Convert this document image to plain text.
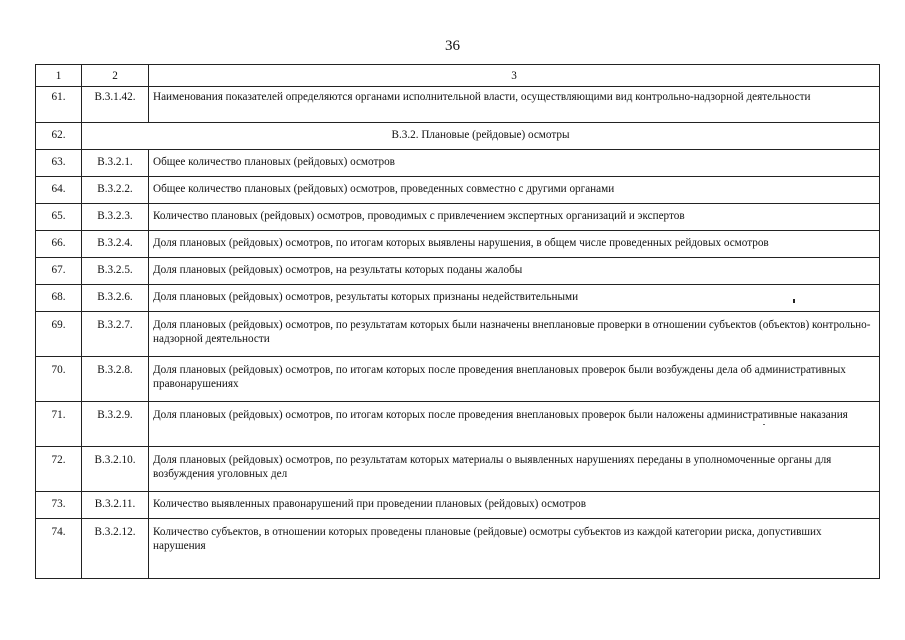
36
1	2	3
61.	В.3.1.42.	Наименования показателей определяются органами исполнительной власти, осуществляющими вид контрольно-надзорной деятельности
62.	В.3.2. Плановые (рейдовые) осмотры	
63.	В.3.2.1.	Общее количество плановых (рейдовых) осмотров
64.	В.3.2.2.	Общее количество плановых (рейдовых) осмотров, проведенных совместно с другими органами
65.	В.3.2.3.	Количество плановых (рейдовых) осмотров, проводимых с привлечением экспертных организаций и экспертов
66.	В.3.2.4.	Доля плановых (рейдовых) осмотров, по итогам которых выявлены нарушения, в общем числе проведенных рейдовых осмотров
67.	В.3.2.5.	Доля плановых (рейдовых) осмотров, на результаты которых поданы жалобы
68.	В.3.2.6.	Доля плановых (рейдовых) осмотров, результаты которых признаны недействительными
69.	В.3.2.7.	Доля плановых (рейдовых) осмотров, по результатам которых были назначены внеплановые проверки в отношении субъектов (объектов) контрольно-надзорной деятельности
70.	В.3.2.8.	Доля плановых (рейдовых) осмотров, по итогам которых после проведения внеплановых проверок были возбуждены дела об административных правонарушениях
71.	В.3.2.9.	Доля плановых (рейдовых) осмотров, по итогам которых после проведения внеплановых проверок были наложены административные наказания
72.	В.3.2.10.	Доля плановых (рейдовых) осмотров, по результатам которых материалы о выявленных нарушениях переданы в уполномоченные органы для возбуждения уголовных дел
73.	В.3.2.11.	Количество выявленных правонарушений при проведении плановых (рейдовых) осмотров
74.	В.3.2.12.	Количество субъектов, в отношении которых проведены плановые (рейдовые) осмотры субъектов из каждой категории риска, допустивших нарушения
